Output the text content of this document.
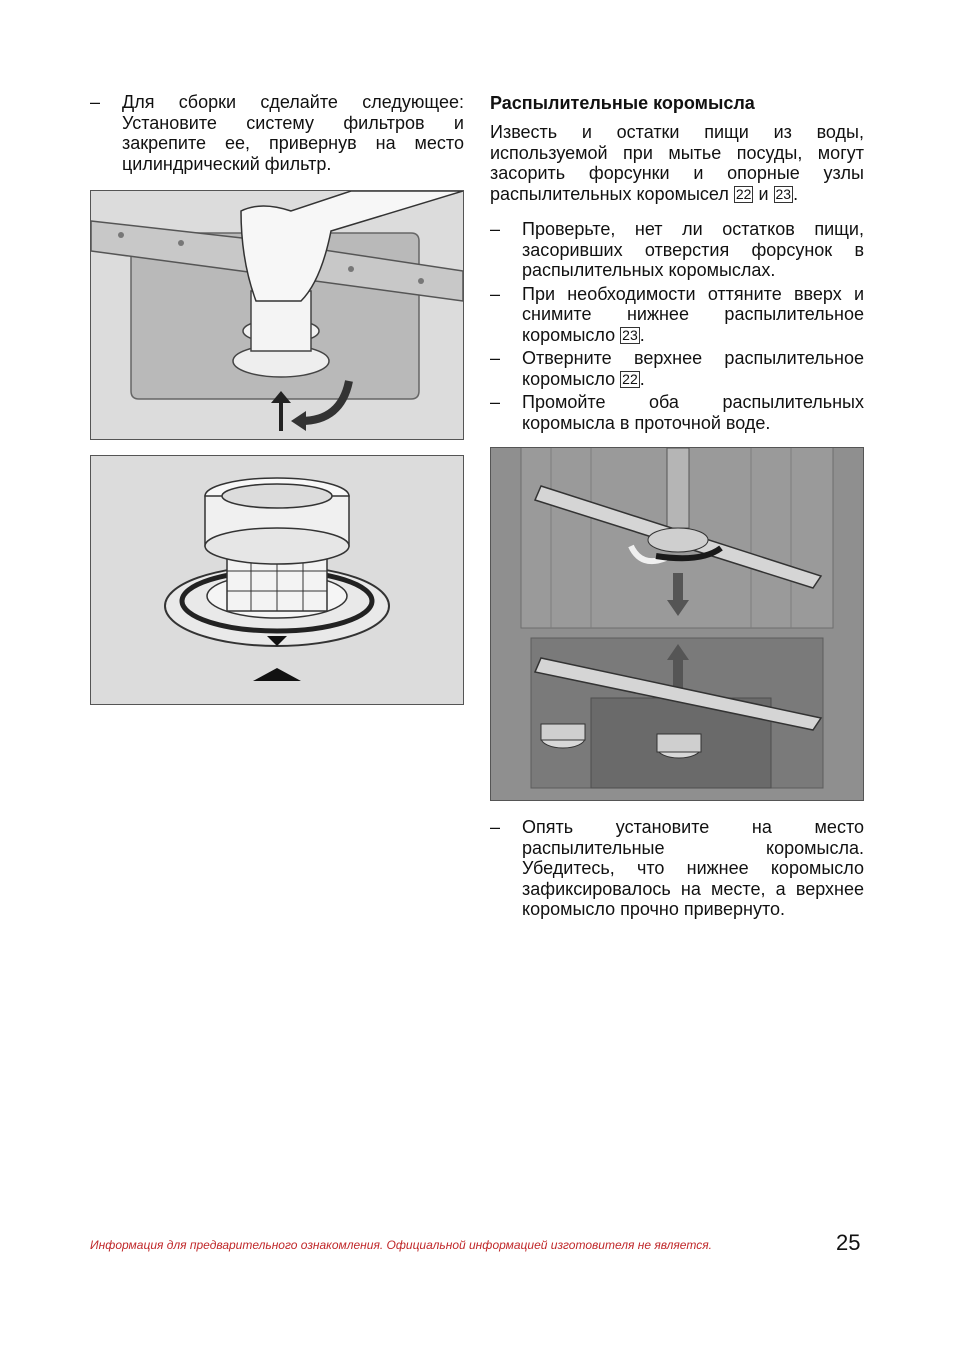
–	Для сборки сделайте следующее: Установите систему фильтров и закрепите ее, привернув на место цилиндрический фильтр.
Распылительные коромысла
Известь и остатки пищи из воды, используемой при мытье посуды, могут засорить форсунки и опорные узлы распылительных коромысел 22 и 23 .
–	Проверьте, нет ли остатков пищи, засоривших отверстия форсунок в распылительных коромыслах.
–	При необходимости оттяните вверх и снимите нижнее распылительное коромысло 23 .
–	Отверните верхнее распылительное коромысло 22 .
–	Промойте оба распылительных коромысла в проточной воде.
–	Опять установите на место распылительные коромысла. Убедитесь, что нижнее коромысло зафиксировалось на месте, а верхнее коромысло прочно привернуто.
Информация для предварительного ознакомления. Официальной информацией изготовителя не является.	25
